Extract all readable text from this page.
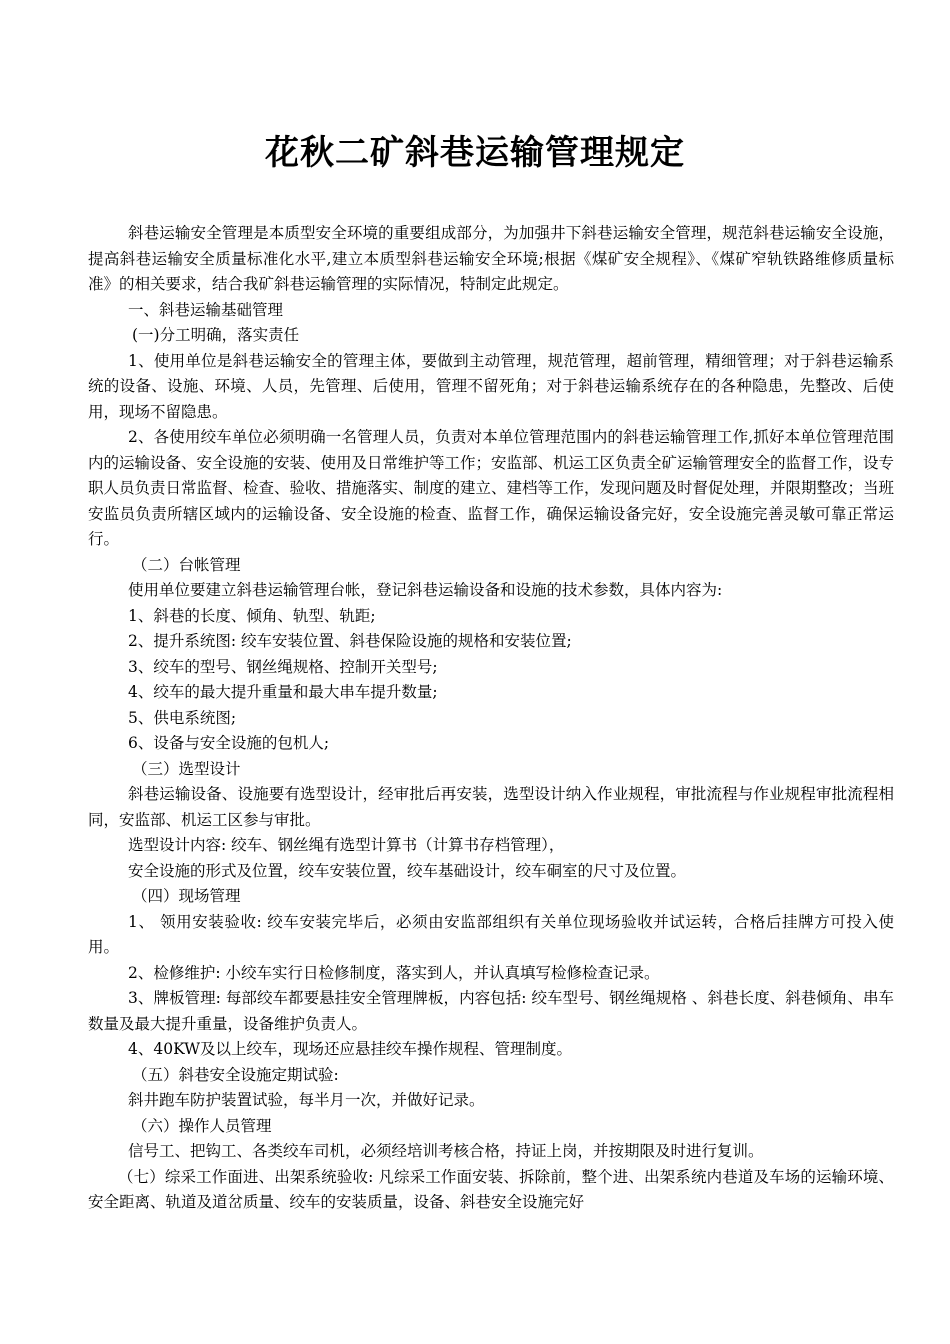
花秋二矿斜巷运输管理规定

斜巷运输安全管理是本质型安全环境的重要组成部分，为加强井下斜巷运输安全管理，规范斜巷运输安全设施，提高斜巷运输安全质量标准化水平,建立本质型斜巷运输安全环境;根据《煤矿安全规程》、《煤矿窄轨铁路维修质量标准》的相关要求，结合我矿斜巷运输管理的实际情况，特制定此规定。

一、斜巷运输基础管理

(一)分工明确，落实责任

1、使用单位是斜巷运输安全的管理主体，要做到主动管理，规范管理，超前管理，精细管理；对于斜巷运输系统的设备、设施、环境、人员，先管理、后使用，管理不留死角；对于斜巷运输系统存在的各种隐患，先整改、后使用，现场不留隐患。

2、各使用绞车单位必须明确一名管理人员，负责对本单位管理范围内的斜巷运输管理工作,抓好本单位管理范围内的运输设备、安全设施的安装、使用及日常维护等工作；安监部、机运工区负责全矿运输管理安全的监督工作，设专职人员负责日常监督、检查、验收、措施落实、制度的建立、建档等工作，发现问题及时督促处理，并限期整改；当班安监员负责所辖区域内的运输设备、安全设施的检查、监督工作，确保运输设备完好，安全设施完善灵敏可靠正常运行。

（二）台帐管理

使用单位要建立斜巷运输管理台帐，登记斜巷运输设备和设施的技术参数，具体内容为:

1、斜巷的长度、倾角、轨型、轨距;

2、提升系统图: 绞车安装位置、斜巷保险设施的规格和安装位置;

3、绞车的型号、钢丝绳规格、控制开关型号;

4、绞车的最大提升重量和最大串车提升数量;

5、供电系统图;

6、设备与安全设施的包机人;

（三）选型设计

斜巷运输设备、设施要有选型设计，经审批后再安装，选型设计纳入作业规程，审批流程与作业规程审批流程相同，安监部、机运工区参与审批。

选型设计内容: 绞车、钢丝绳有选型计算书（计算书存档管理），

安全设施的形式及位置，绞车安装位置，绞车基础设计，绞车硐室的尺寸及位置。

（四）现场管理

1、 领用安装验收: 绞车安装完毕后，必须由安监部组织有关单位现场验收并试运转，合格后挂牌方可投入使用。

2、检修维护: 小绞车实行日检修制度，落实到人，并认真填写检修检查记录。

3、牌板管理: 每部绞车都要悬挂安全管理牌板，内容包括: 绞车型号、钢丝绳规格 、斜巷长度、斜巷倾角、串车数量及最大提升重量，设备维护负责人。

4、40KW及以上绞车，现场还应悬挂绞车操作规程、管理制度。

（五）斜巷安全设施定期试验:

斜井跑车防护装置试验，每半月一次，并做好记录。

（六）操作人员管理

信号工、把钩工、各类绞车司机，必须经培训考核合格，持证上岗，并按期限及时进行复训。

（七）综采工作面进、出架系统验收: 凡综采工作面安装、拆除前，整个进、出架系统内巷道及车场的运输环境、安全距离、轨道及道岔质量、绞车的安装质量，设备、斜巷安全设施完好
